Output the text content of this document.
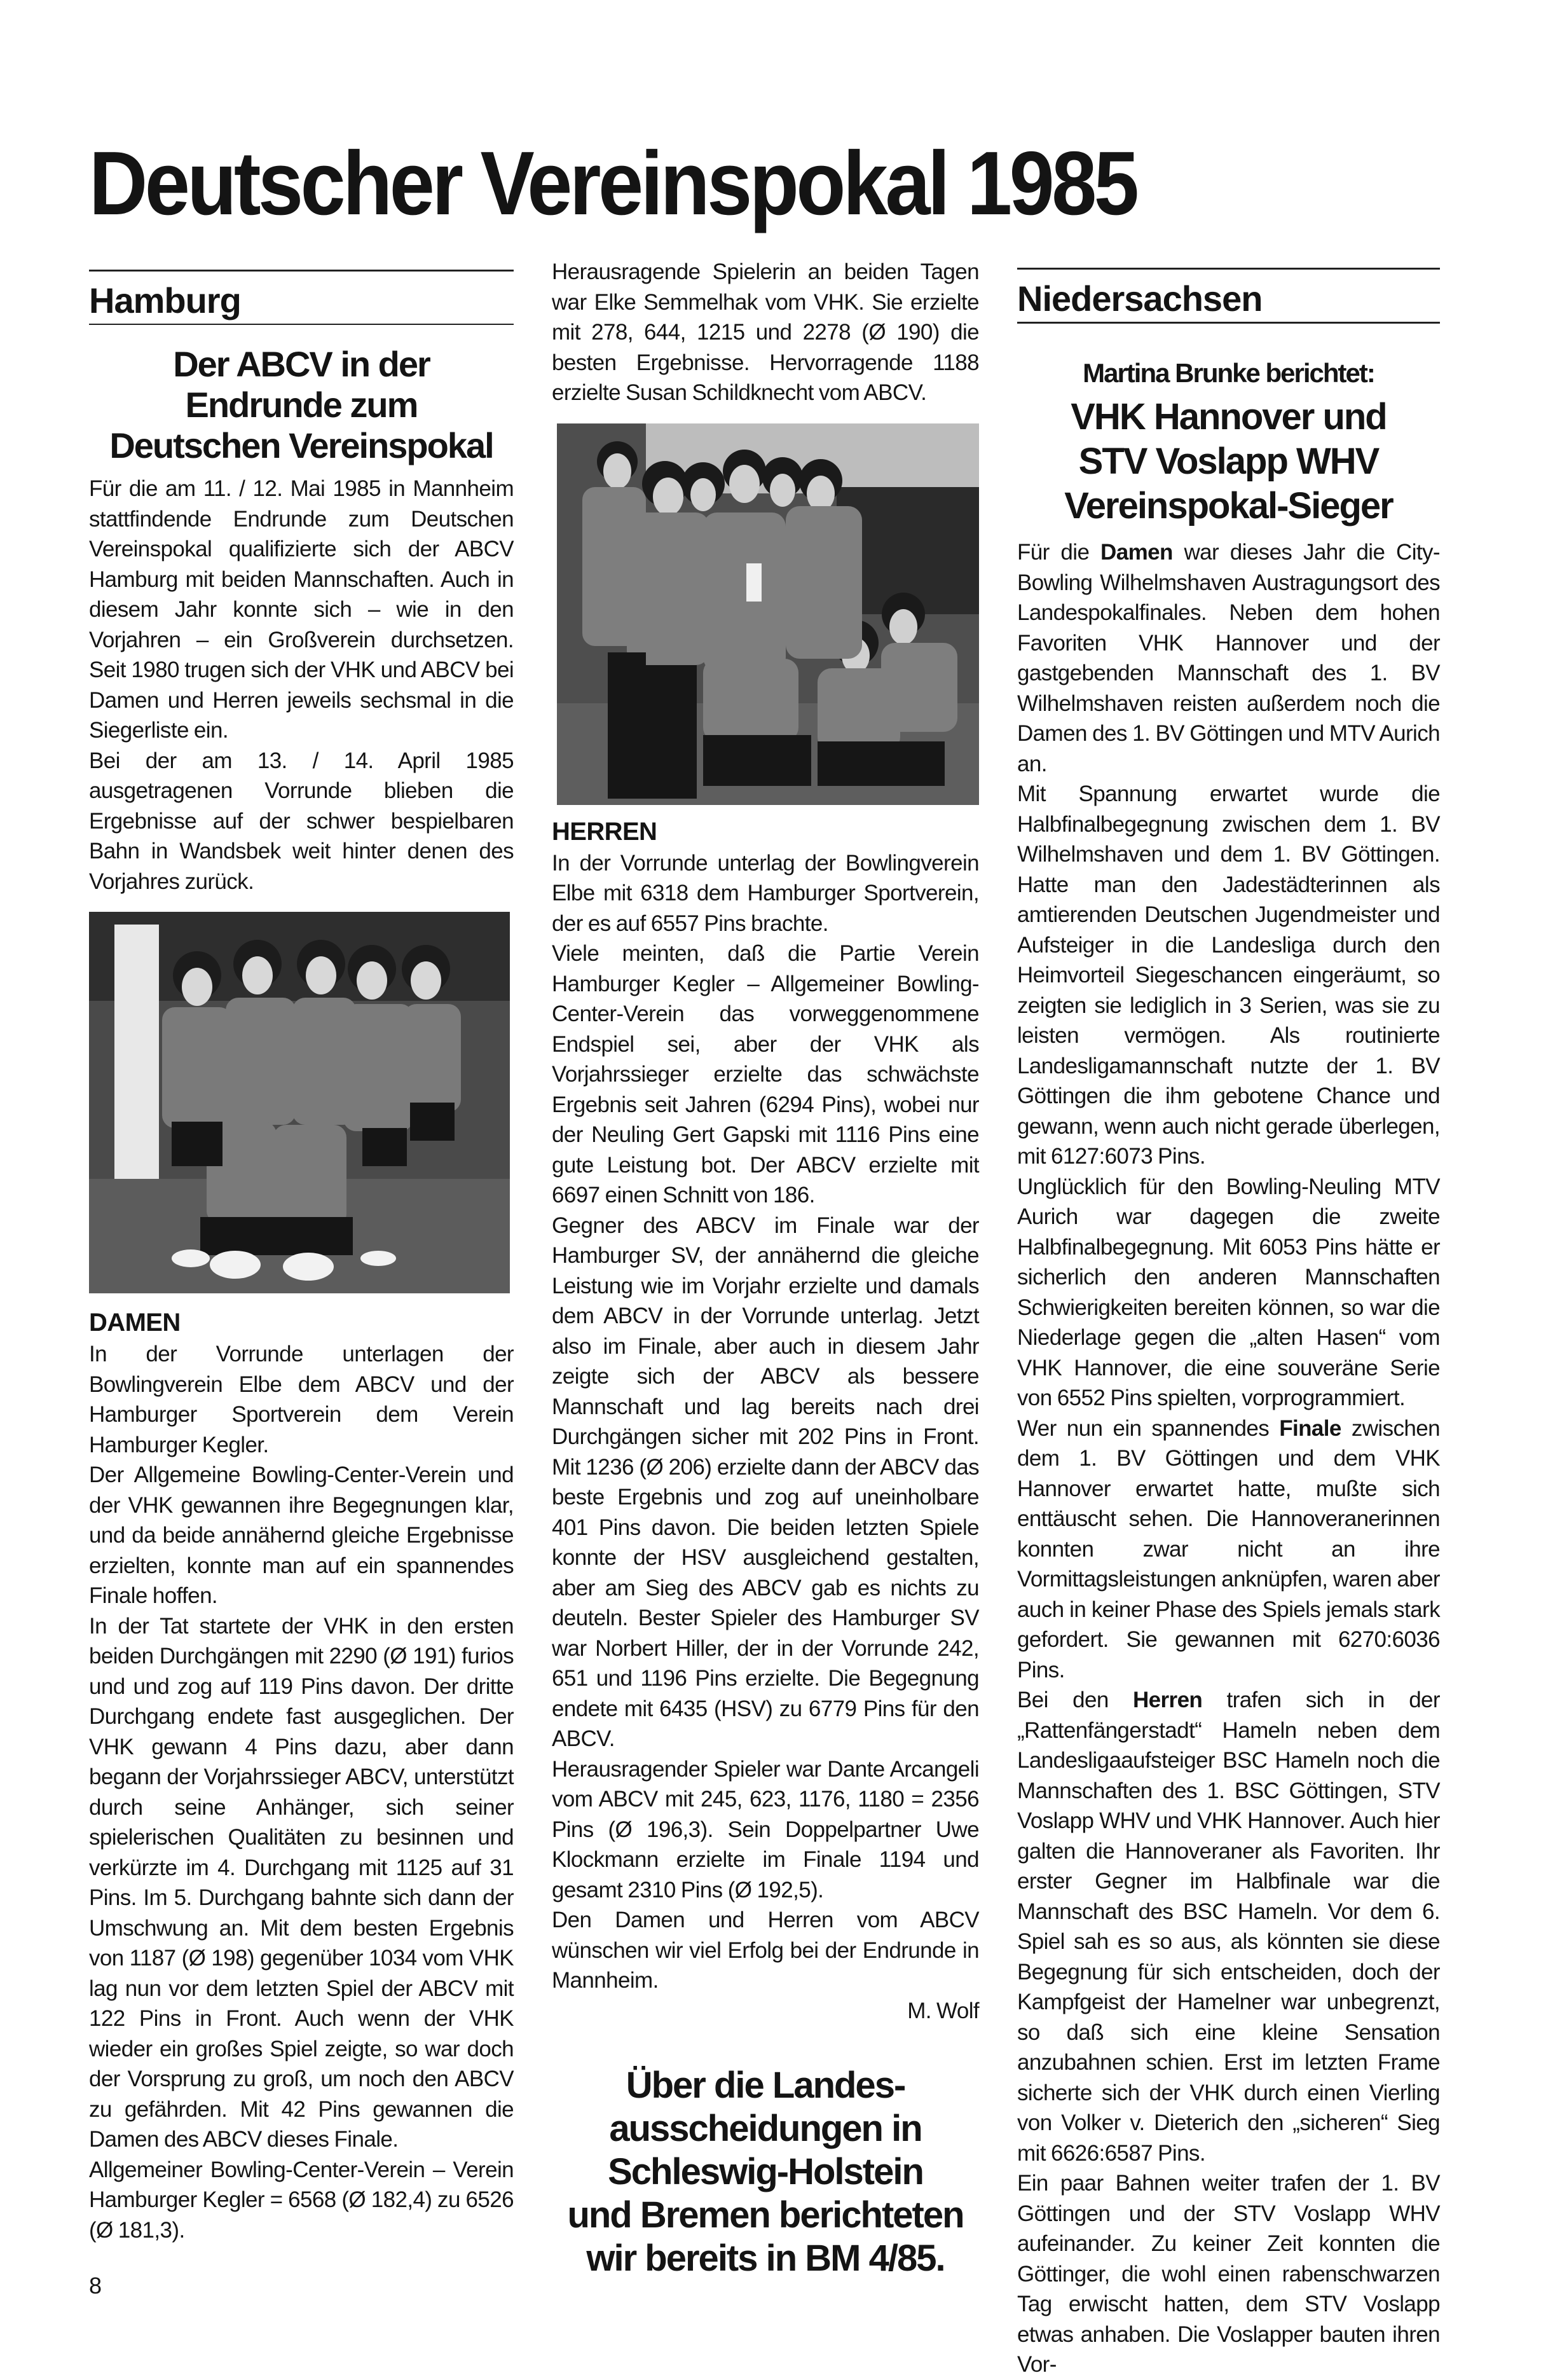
Deutscher Vereinspokal 1985
Hamburg
Der ABCV in der
Endrunde zum
Deutschen Vereinspokal

Für die am 11. / 12. Mai 1985 in Mannheim stattfindende Endrunde zum Deutschen Vereinspokal qualifizierte sich der ABCV Hamburg mit beiden Mannschaften. Auch in diesem Jahr konnte sich – wie in den Vorjahren – ein Großverein durchsetzen. Seit 1980 trugen sich der VHK und ABCV bei Damen und Herren jeweils sechsmal in die Siegerliste ein.

Bei der am 13. / 14. April 1985 ausgetragenen Vorrunde blieben die Ergebnisse auf der schwer bespielbaren Bahn in Wandsbek weit hinter denen des Vorjahres zurück.

DAMEN

In der Vorrunde unterlagen der Bowlingverein Elbe dem ABCV und der Hamburger Sportverein dem Verein Hamburger Kegler.

Der Allgemeine Bowling-Center-Verein und der VHK gewannen ihre Begegnungen klar, und da beide annähernd gleiche Ergebnisse erzielten, konnte man auf ein spannendes Finale hoffen.

In der Tat startete der VHK in den ersten beiden Durchgängen mit 2290 (Ø 191) furios und und zog auf 119 Pins davon. Der dritte Durchgang endete fast ausgeglichen. Der VHK gewann 4 Pins dazu, aber dann begann der Vorjahrssieger ABCV, unterstützt durch seine Anhänger, sich seiner spielerischen Qualitäten zu besinnen und verkürzte im 4. Durchgang mit 1125 auf 31 Pins. Im 5. Durchgang bahnte sich dann der Umschwung an. Mit dem besten Ergebnis von 1187 (Ø 198) gegenüber 1034 vom VHK lag nun vor dem letzten Spiel der ABCV mit 122 Pins in Front. Auch wenn der VHK wieder ein großes Spiel zeigte, so war doch der Vorsprung zu groß, um noch den ABCV zu gefährden. Mit 42 Pins gewannen die Damen des ABCV dieses Finale.

Allgemeiner Bowling-Center-Verein – Verein Hamburger Kegler = 6568 (Ø 182,4) zu 6526 (Ø 181,3).

8

Herausragende Spielerin an beiden Tagen war Elke Semmelhak vom VHK. Sie erzielte mit 278, 644, 1215 und 2278 (Ø 190) die besten Ergebnisse. Hervorragende 1188 erzielte Susan Schildknecht vom ABCV.

HERREN

In der Vorrunde unterlag der Bowlingverein Elbe mit 6318 dem Hamburger Sportverein, der es auf 6557 Pins brachte.

Viele meinten, daß die Partie Verein Hamburger Kegler – Allgemeiner Bowling-Center-Verein das vorweggenommene Endspiel sei, aber der VHK als Vorjahrssieger erzielte das schwächste Ergebnis seit Jahren (6294 Pins), wobei nur der Neuling Gert Gapski mit 1116 Pins eine gute Leistung bot. Der ABCV erzielte mit 6697 einen Schnitt von 186.

Gegner des ABCV im Finale war der Hamburger SV, der annähernd die gleiche Leistung wie im Vorjahr erzielte und damals dem ABCV in der Vorrunde unterlag. Jetzt also im Finale, aber auch in diesem Jahr zeigte sich der ABCV als bessere Mannschaft und lag bereits nach drei Durchgängen sicher mit 202 Pins in Front. Mit 1236 (Ø 206) erzielte dann der ABCV das beste Ergebnis und zog auf uneinholbare 401 Pins davon. Die beiden letzten Spiele konnte der HSV ausgleichend gestalten, aber am Sieg des ABCV gab es nichts zu deuteln. Bester Spieler des Hamburger SV war Norbert Hiller, der in der Vorrunde 242, 651 und 1196 Pins erzielte. Die Begegnung endete mit 6435 (HSV) zu 6779 Pins für den ABCV.

Herausragender Spieler war Dante Arcangeli vom ABCV mit 245, 623, 1176, 1180 = 2356 Pins (Ø 196,3). Sein Doppelpartner Uwe Klockmann erzielte im Finale 1194 und gesamt 2310 Pins (Ø 192,5).

Den Damen und Herren vom ABCV wünschen wir viel Erfolg bei der Endrunde in Mannheim.

M. Wolf

Über die Landes-
ausscheidungen in
Schleswig-Holstein
und Bremen berichteten
wir bereits in BM 4/85.
Niedersachsen
Martina Brunke berichtet:
VHK Hannover und
STV Voslapp WHV
Vereinspokal-Sieger

Für die Damen war dieses Jahr die City-Bowling Wilhelmshaven Austragungsort des Landespokalfinales. Neben dem hohen Favoriten VHK Hannover und der gastgebenden Mannschaft des 1. BV Wilhelmshaven reisten außerdem noch die Damen des 1. BV Göttingen und MTV Aurich an.

Mit Spannung erwartet wurde die Halbfinalbegegnung zwischen dem 1. BV Wilhelmshaven und dem 1. BV Göttingen. Hatte man den Jadestädterinnen als amtierenden Deutschen Jugendmeister und Aufsteiger in die Landesliga durch den Heimvorteil Siegeschancen eingeräumt, so zeigten sie lediglich in 3 Serien, was sie zu leisten vermögen. Als routinierte Landesligamannschaft nutzte der 1. BV Göttingen die ihm gebotene Chance und gewann, wenn auch nicht gerade überlegen, mit 6127:6073 Pins.

Unglücklich für den Bowling-Neuling MTV Aurich war dagegen die zweite Halbfinalbegegnung. Mit 6053 Pins hätte er sicherlich den anderen Mannschaften Schwierigkeiten bereiten können, so war die Niederlage gegen die „alten Hasen“ vom VHK Hannover, die eine souveräne Serie von 6552 Pins spielten, vorprogrammiert.

Wer nun ein spannendes Finale zwischen dem 1. BV Göttingen und dem VHK Hannover erwartet hatte, mußte sich enttäuscht sehen. Die Hannoveranerinnen konnten zwar nicht an ihre Vormittagsleistungen anknüpfen, waren aber auch in keiner Phase des Spiels jemals stark gefordert. Sie gewannen mit 6270:6036 Pins.

Bei den Herren trafen sich in der „Rattenfängerstadt“ Hameln neben dem Landesligaaufsteiger BSC Hameln noch die Mannschaften des 1. BSC Göttingen, STV Voslapp WHV und VHK Hannover. Auch hier galten die Hannoveraner als Favoriten. Ihr erster Gegner im Halbfinale war die Mannschaft des BSC Hameln. Vor dem 6. Spiel sah es so aus, als könnten sie diese Begegnung für sich entscheiden, doch der Kampfgeist der Hamelner war unbegrenzt, so daß sich eine kleine Sensation anzubahnen schien. Erst im letzten Frame sicherte sich der VHK durch einen Vierling von Volker v. Dieterich den „sicheren“ Sieg mit 6626:6587 Pins.

Ein paar Bahnen weiter trafen der 1. BV Göttingen und der STV Voslapp WHV aufeinander. Zu keiner Zeit konnten die Göttinger, die wohl einen rabenschwarzen Tag erwischt hatten, dem STV Voslapp etwas anhaben. Die Voslapper bauten ihren Vor-
